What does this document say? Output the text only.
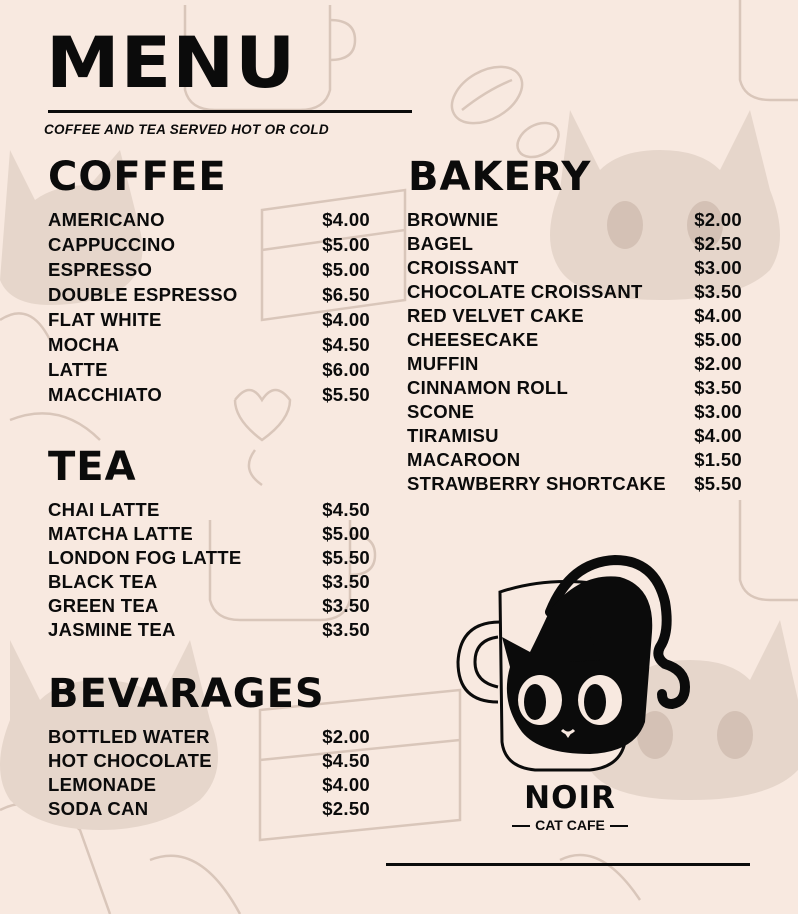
MENU
COFFEE AND TEA SERVED HOT OR COLD
COFFEE
AMERICANO	$4.00
CAPPUCCINO	$5.00
ESPRESSO	$5.00
DOUBLE ESPRESSO	$6.50
FLAT WHITE	$4.00
MOCHA	$4.50
LATTE	$6.00
MACCHIATO	$5.50
TEA
CHAI LATTE	$4.50
MATCHA LATTE	$5.00
LONDON FOG LATTE	$5.50
BLACK TEA	$3.50
GREEN TEA	$3.50
JASMINE TEA	$3.50
BEVARAGES
BOTTLED WATER	$2.00
HOT CHOCOLATE	$4.50
LEMONADE	$4.00
SODA CAN	$2.50
BAKERY
BROWNIE	$2.00
BAGEL	$2.50
CROISSANT	$3.00
CHOCOLATE CROISSANT	$3.50
RED VELVET CAKE	$4.00
CHEESECAKE	$5.00
MUFFIN	$2.00
CINNAMON ROLL	$3.50
SCONE	$3.00
TIRAMISU	$4.00
MACAROON	$1.50
STRAWBERRY SHORTCAKE $5.50
NOIR
CAT CAFE
